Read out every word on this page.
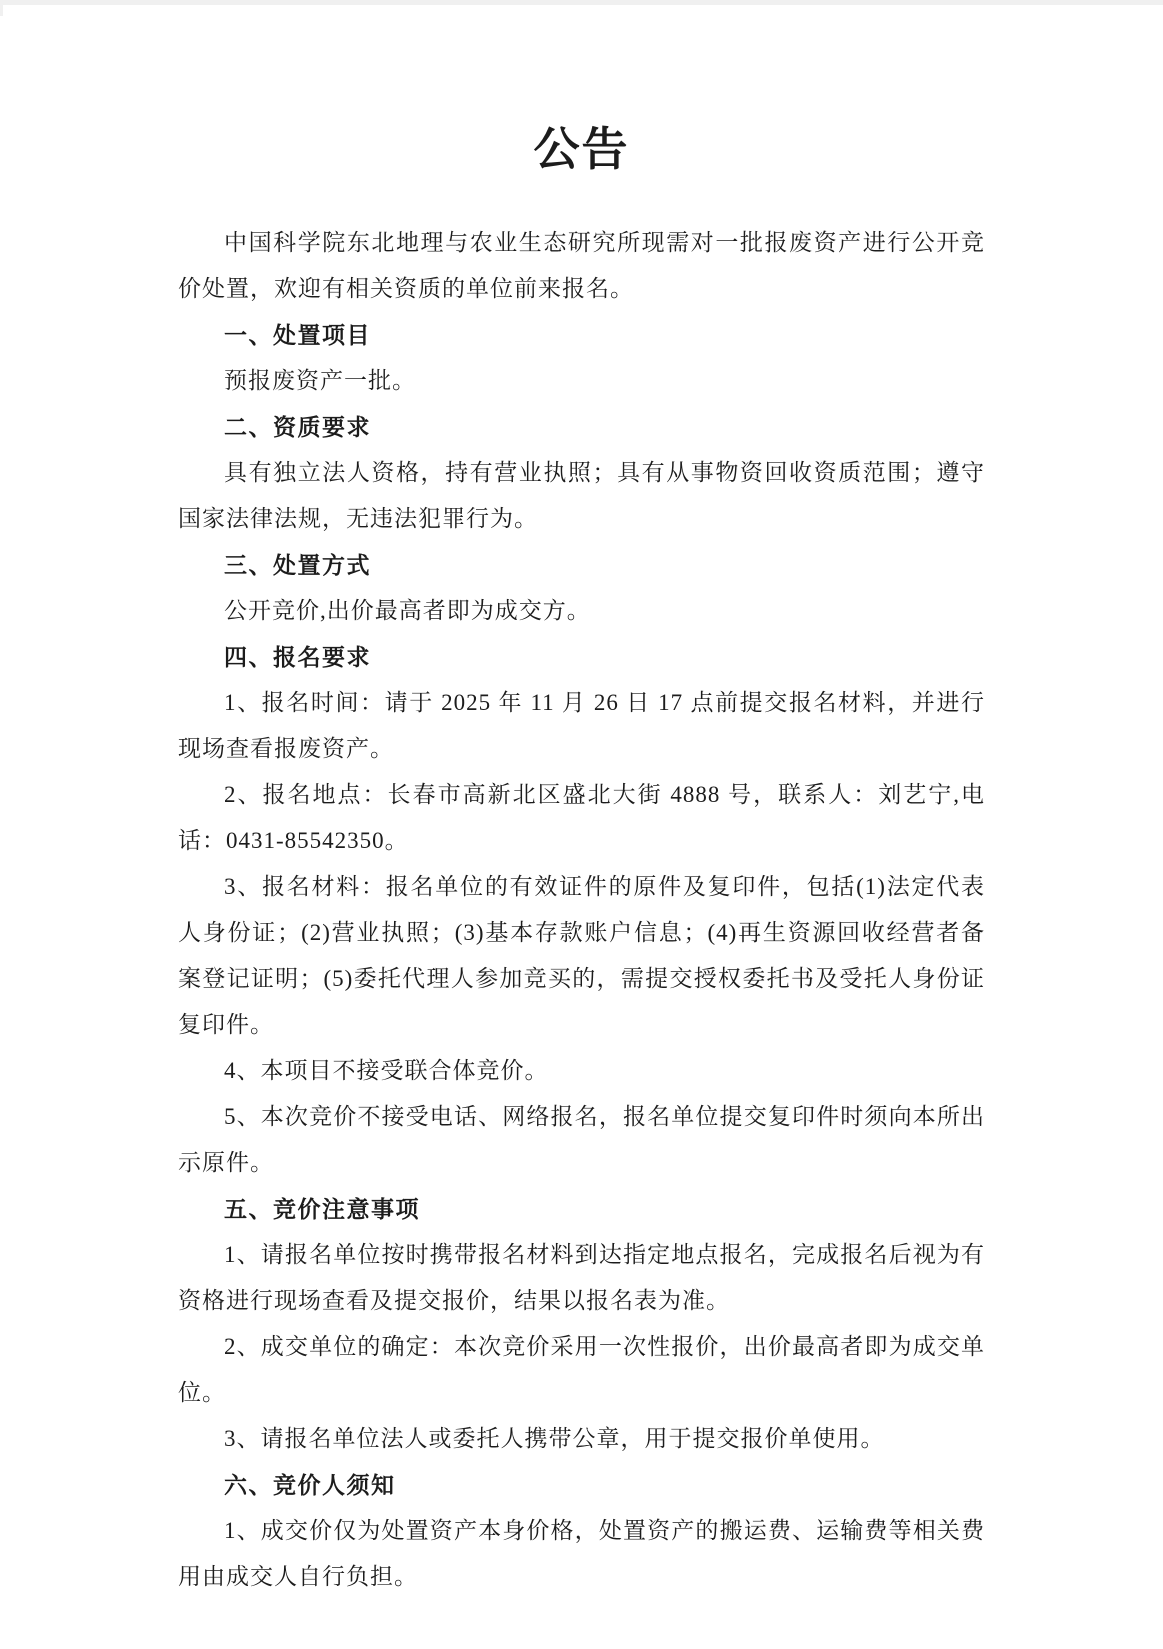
公告

中国科学院东北地理与农业生态研究所现需对一批报废资产进行公开竞价处置，欢迎有相关资质的单位前来报名。

一、处置项目

预报废资产一批。

二、资质要求

具有独立法人资格，持有营业执照；具有从事物资回收资质范围；遵守国家法律法规，无违法犯罪行为。

三、处置方式

公开竞价,出价最高者即为成交方。

四、报名要求

1、报名时间：请于 2025 年 11 月 26 日 17 点前提交报名材料，并进行现场查看报废资产。

2、报名地点：长春市高新北区盛北大街 4888 号，联系人：刘艺宁,电话：0431-85542350。

3、报名材料：报名单位的有效证件的原件及复印件，包括(1)法定代表人身份证；(2)营业执照；(3)基本存款账户信息；(4)再生资源回收经营者备案登记证明；(5)委托代理人参加竞买的，需提交授权委托书及受托人身份证复印件。

4、本项目不接受联合体竞价。

5、本次竞价不接受电话、网络报名，报名单位提交复印件时须向本所出示原件。

五、竞价注意事项

1、请报名单位按时携带报名材料到达指定地点报名，完成报名后视为有资格进行现场查看及提交报价，结果以报名表为准。

2、成交单位的确定：本次竞价采用一次性报价，出价最高者即为成交单位。

3、请报名单位法人或委托人携带公章，用于提交报价单使用。

六、竞价人须知

1、成交价仅为处置资产本身价格，处置资产的搬运费、运输费等相关费用由成交人自行负担。
